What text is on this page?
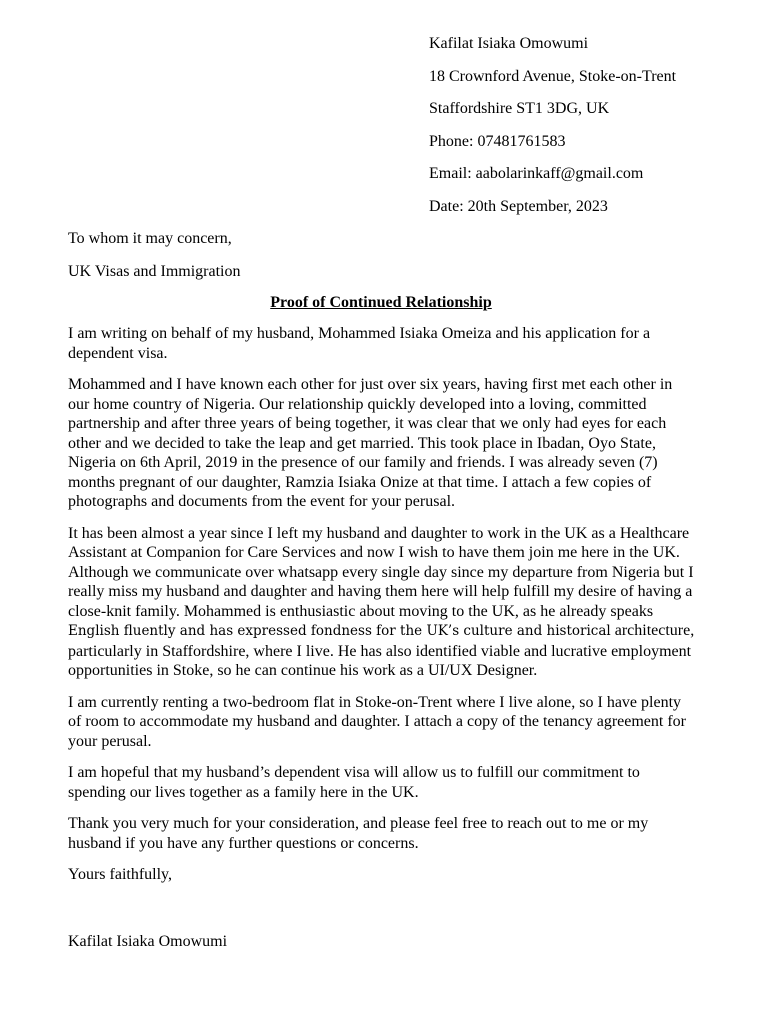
Kafilat Isiaka Omowumi
18 Crownford Avenue, Stoke-on-Trent
Staffordshire ST1 3DG, UK
Phone: 07481761583
Email: aabolarinkaff@gmail.com
Date: 20th September, 2023
To whom it may concern,
UK Visas and Immigration
Proof of Continued Relationship

I am writing on behalf of my husband, Mohammed Isiaka Omeiza and his application for a dependent visa.

Mohammed and I have known each other for just over six years, having first met each other in our home country of Nigeria. Our relationship quickly developed into a loving, committed partnership and after three years of being together, it was clear that we only had eyes for each other and we decided to take the leap and get married. This took place in Ibadan, Oyo State, Nigeria on 6th April, 2019 in the presence of our family and friends. I was already seven (7) months pregnant of our daughter, Ramzia Isiaka Onize at that time. I attach a few copies of photographs and documents from the event for your perusal.

It has been almost a year since I left my husband and daughter to work in the UK as a Healthcare Assistant at Companion for Care Services and now I wish to have them join me here in the UK. Although we communicate over whatsapp every single day since my departure from Nigeria but I really miss my husband and daughter and having them here will help fulfill my desire of having a close-knit family. Mohammed is enthusiastic about moving to the UK, as he already speaks English fluently and has expressed fondness for the UK’s culture and historical architecture, particularly in Staffordshire, where I live. He has also identified viable and lucrative employment opportunities in Stoke, so he can continue his work as a UI/UX Designer.

I am currently renting a two-bedroom flat in Stoke-on-Trent where I live alone, so I have plenty of room to accommodate my husband and daughter. I attach a copy of the tenancy agreement for your perusal.

I am hopeful that my husband’s dependent visa will allow us to fulfill our commitment to spending our lives together as a family here in the UK.

Thank you very much for your consideration, and please feel free to reach out to me or my husband if you have any further questions or concerns.

Yours faithfully,

Kafilat Isiaka Omowumi
